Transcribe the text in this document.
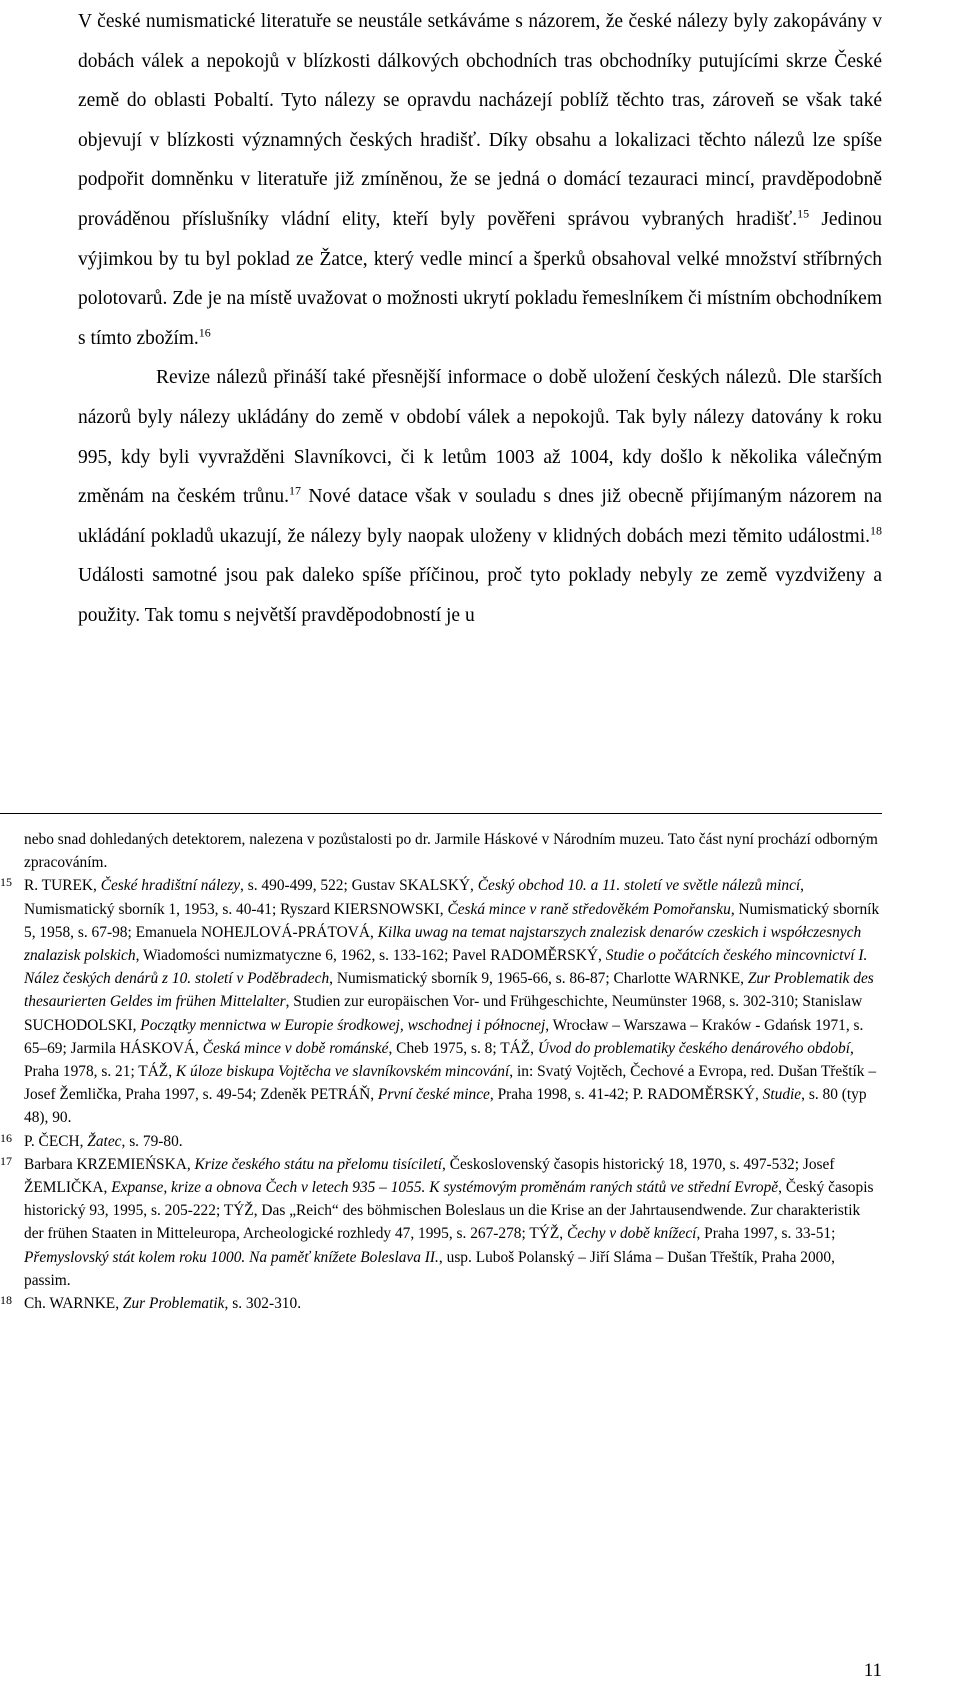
V české numismatické literatuře se neustále setkáváme s názorem, že české nálezy byly zakopávány v dobách válek a nepokojů v blízkosti dálkových obchodních tras obchodníky putujícími skrze České země do oblasti Pobaltí. Tyto nálezy se opravdu nacházejí poblíž těchto tras, zároveň se však také objevují v blízkosti významných českých hradišť. Díky obsahu a lokalizaci těchto nálezů lze spíše podpořit domněnku v literatuře již zmíněnou, že se jedná o domácí tezauraci mincí, pravděpodobně prováděnou příslušníky vládní elity, kteří byly pověřeni správou vybraných hradišť.$^{15}$ Jedinou výjimkou by tu byl poklad ze Žatce, který vedle mincí a šperků obsahoval velké množství stříbrných polotovarů. Zde je na místě uvažovat o možnosti ukrytí pokladu řemeslníkem či místním obchodníkem s tímto zbožím.$^{16}$

Revize nálezů přináší také přesnější informace o době uložení českých nálezů. Dle starších názorů byly nálezy ukládány do země v období válek a nepokojů. Tak byly nálezy datovány k roku 995, kdy byli vyvražděni Slavníkovci, či k letům 1003 až 1004, kdy došlo k několika válečným změnám na českém trůnu.$^{17}$ Nové datace však v souladu s dnes již obecně přijímaným názorem na ukládání pokladů ukazují, že nálezy byly naopak uloženy v klidných dobách mezi těmito událostmi.$^{18}$ Události samotné jsou pak daleko spíše příčinou, proč tyto poklady nebyly ze země vyzdviženy a použity. Tak tomu s největší pravděpodobností je u

nebo snad dohledaných detektorem, nalezena v pozůstalosti po dr. Jarmile Háskové v Národním muzeu. Tato část nyní prochází odborným zpracováním.
15 R. TUREK, České hradištní nálezy, s. 490-499, 522; Gustav SKALSKÝ, Český obchod 10. a 11. století ve světle nálezů mincí, Numismatický sborník 1, 1953, s. 40-41; Ryszard KIERSNOWSKI, Česká mince v raně středověkém Pomořansku, Numismatický sborník 5, 1958, s. 67-98; Emanuela NOHEJLOVÁ-PRÁTOVÁ, Kilka uwag na temat najstarszych znalezisk denarów czeskich i współczesnych znalazisk polskich, Wiadomości numizmatyczne 6, 1962, s. 133-162; Pavel RADOMĚRSKÝ, Studie o počátcích českého mincovnictví I. Nález českých denárů z 10. století v Poděbradech, Numismatický sborník 9, 1965-66, s. 86-87; Charlotte WARNKE, Zur Problematik des thesaurierten Geldes im frühen Mittelalter, Studien zur europäischen Vor- und Frühgeschichte, Neumünster 1968, s. 302-310; Stanislaw SUCHODOLSKI, Początky mennictwa w Europie środkowej, wschodnej i północnej, Wrocław – Warszawa – Kraków - Gdańsk 1971, s. 65–69; Jarmila HÁSKOVÁ, Česká mince v době románské, Cheb 1975, s. 8; TÁŽ, Úvod do problematiky českého denárového období, Praha 1978, s. 21; TÁŽ, K úloze biskupa Vojtěcha ve slavníkovském mincování, in: Svatý Vojtěch, Čechové a Evropa, red. Dušan Třeštík – Josef Žemlička, Praha 1997, s. 49-54; Zdeněk PETRÁŇ, První české mince, Praha 1998, s. 41-42; P. RADOMĚRSKÝ, Studie, s. 80 (typ 48), 90.
16 P. ČECH, Žatec, s. 79-80.
17 Barbara KRZEMIEŃSKA, Krize českého státu na přelomu tisíciletí, Československý časopis historický 18, 1970, s. 497-532; Josef ŽEMLIČKA, Expanse, krize a obnova Čech v letech 935 – 1055. K systémovým proměnám raných států ve střední Evropě, Český časopis historický 93, 1995, s. 205-222; TÝŽ, Das „Reich“ des böhmischen Boleslaus un die Krise an der Jahrtausendwende. Zur charakteristik der frühen Staaten in Mitteleuropa, Archeologické rozhledy 47, 1995, s. 267-278; TÝŽ, Čechy v době knížecí, Praha 1997, s. 33-51; Přemyslovský stát kolem roku 1000. Na paměť knížete Boleslava II., usp. Luboš Polanský – Jiří Sláma – Dušan Třeštík, Praha 2000, passim.
18 Ch. WARNKE, Zur Problematik, s. 302-310.
11
